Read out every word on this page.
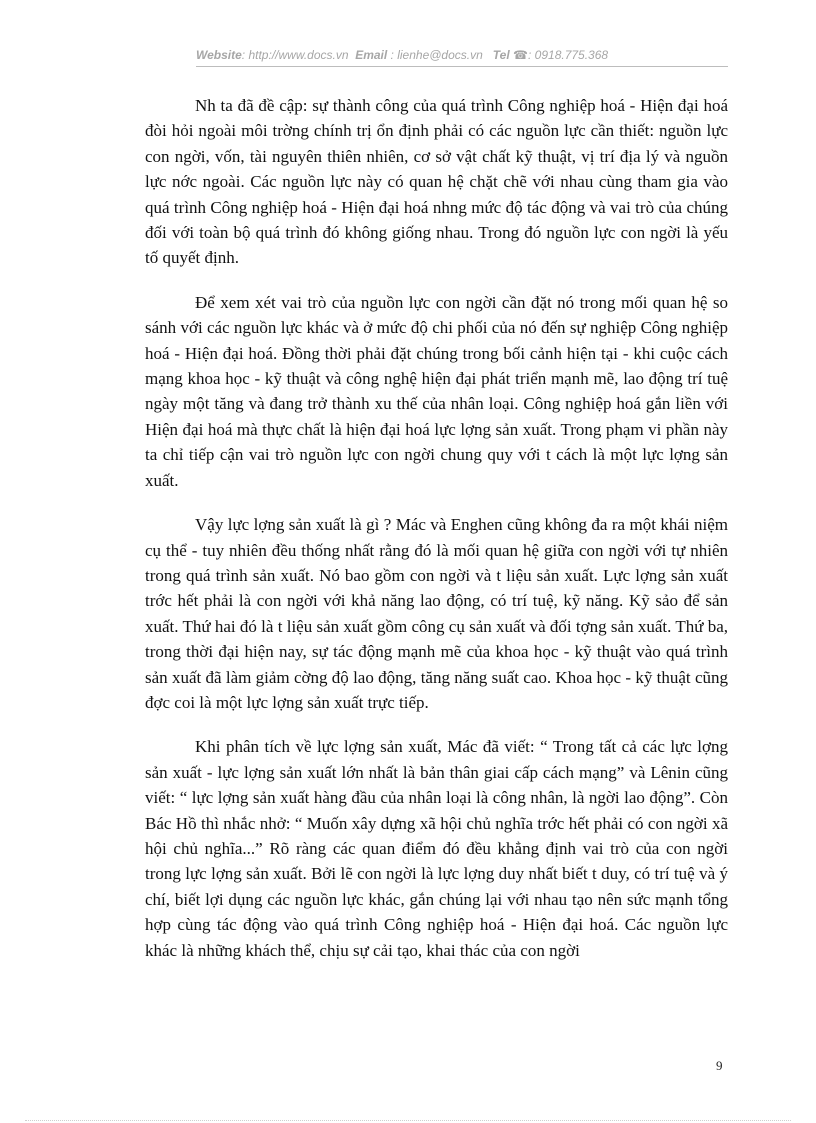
Website: http://www.docs.vn Email : lienhe@docs.vn Tel ☎: 0918.775.368

Nh ta đã đề cập: sự thành công của quá trình Công nghiệp hoá - Hiện đại hoá đòi hỏi ngoài môi trờng chính trị ổn định phải có các nguồn lực cần thiết: nguồn lực con ngời, vốn, tài nguyên thiên nhiên, cơ sở vật chất kỹ thuật, vị trí địa lý và nguồn lực nớc ngoài. Các nguồn lực này có quan hệ chặt chẽ với nhau cùng tham gia vào quá trình Công nghiệp hoá - Hiện đại hoá nhng mức độ tác động và vai trò của chúng đối với toàn bộ quá trình đó không giống nhau. Trong đó nguồn lực con ngời là yếu tố quyết định.

Để xem xét vai trò của nguồn lực con ngời cần đặt nó trong mối quan hệ so sánh với các nguồn lực khác và ở mức độ chi phối của nó đến sự nghiệp Công nghiệp hoá - Hiện đại hoá. Đồng thời phải đặt chúng trong bối cảnh hiện tại - khi cuộc cách mạng khoa học - kỹ thuật và công nghệ hiện đại phát triển mạnh mẽ, lao động trí tuệ ngày một tăng và đang trở thành xu thế của nhân loại. Công nghiệp hoá gắn liền với Hiện đại hoá mà thực chất là hiện đại hoá lực lợng sản xuất. Trong phạm vi phần này ta chỉ tiếp cận vai trò nguồn lực con ngời chung quy với t cách là một lực lợng sản xuất.

Vậy lực lợng sản xuất là gì ? Mác và Enghen cũng không đa ra một khái niệm cụ thể - tuy nhiên đều thống nhất rằng đó là mối quan hệ giữa con ngời với tự nhiên trong quá trình sản xuất. Nó bao gồm con ngời và t liệu sản xuất. Lực lợng sản xuất trớc hết phải là con ngời với khả năng lao động, có trí tuệ, kỹ năng. Kỹ sảo để sản xuất. Thứ hai đó là t liệu sản xuất gồm công cụ sản xuất và đối tợng sản xuất. Thứ ba, trong thời đại hiện nay, sự tác động mạnh mẽ của khoa học - kỹ thuật vào quá trình sản xuất đã làm giảm cờng độ lao động, tăng năng suất cao. Khoa học - kỹ thuật cũng đợc coi là một lực lợng sản xuất trực tiếp.

Khi phân tích về lực lợng sản xuất, Mác đã viết: “ Trong tất cả các lực lợng sản xuất - lực lợng sản xuất lớn nhất là bản thân giai cấp cách mạng” và Lênin cũng viết: “ lực lợng sản xuất hàng đầu của nhân loại là công nhân, là ngời lao động”. Còn Bác Hồ thì nhắc nhở: “ Muốn xây dựng xã hội chủ nghĩa trớc hết phải có con ngời xã hội chủ nghĩa...” Rõ ràng các quan điểm đó đều khẳng định vai trò của con ngời trong lực lợng sản xuất. Bởi lẽ con ngời là lực lợng duy nhất biết t duy, có trí tuệ và ý chí, biết lợi dụng các nguồn lực khác, gắn chúng lại với nhau tạo nên sức mạnh tổng hợp cùng tác động vào quá trình Công nghiệp hoá - Hiện đại hoá. Các nguồn lực khác là những khách thể, chịu sự cải tạo, khai thác của con ngời

9
